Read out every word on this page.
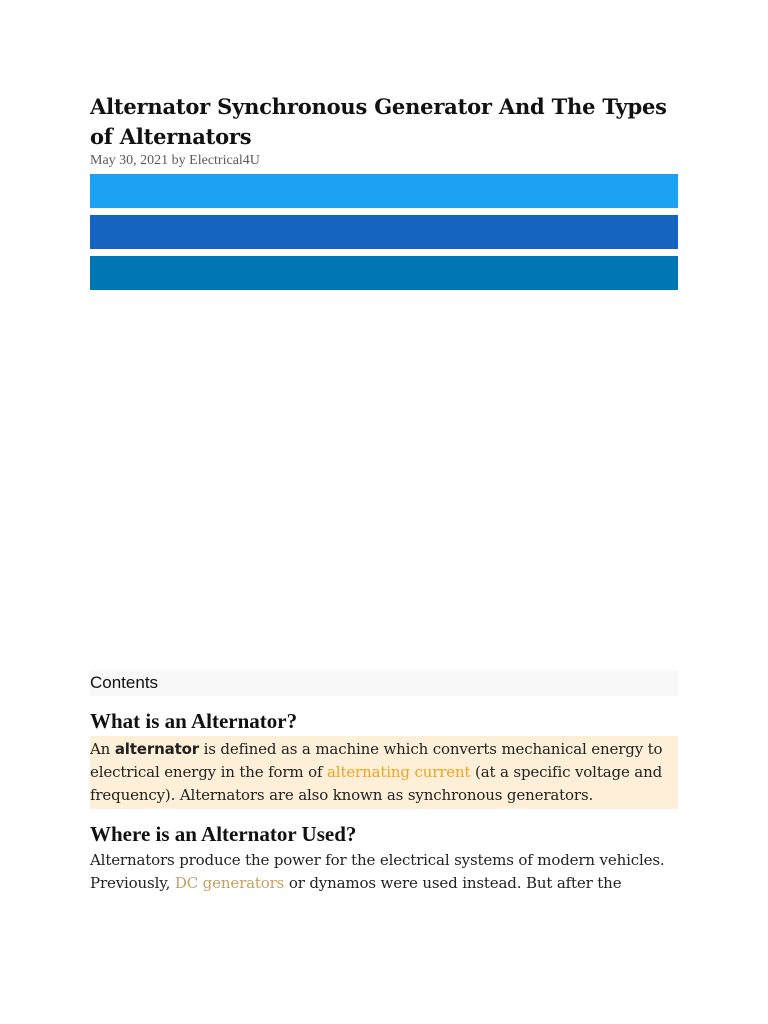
Alternator Synchronous Generator And The Types of Alternators
May 30, 2021 by Electrical4U
Contents
What is an Alternator?

An alternator is defined as a machine which converts mechanical energy to electrical energy in the form of alternating current (at a specific voltage and frequency). Alternators are also known as synchronous generators.

Where is an Alternator Used?

Alternators produce the power for the electrical systems of modern vehicles. Previously, DC generators or dynamos were used instead. But after the
